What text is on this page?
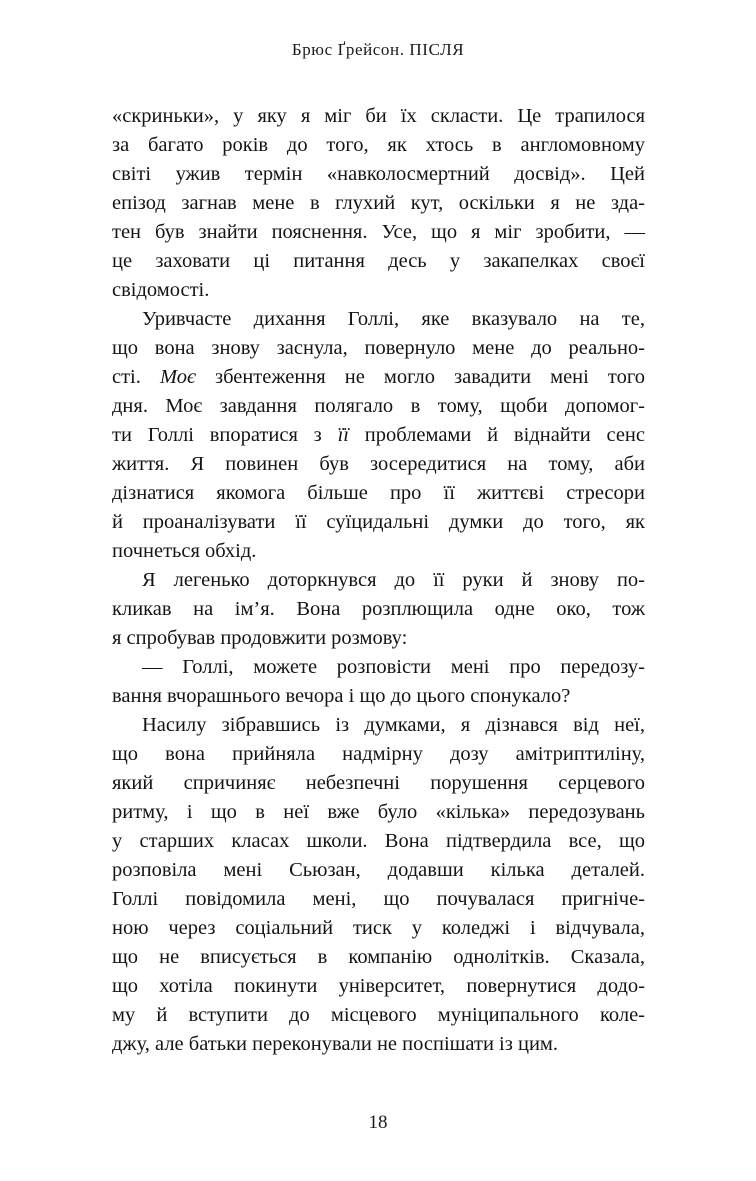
Брюс Ґрейсон. ПІСЛЯ
«скриньки», у яку я міг би їх скласти. Це трапилося
за багато років до того, як хтось в англомовному
світі ужив термін «навколосмертний досвід». Цей
епізод загнав мене в глухий кут, оскільки я не зда-
тен був знайти пояснення. Усе, що я міг зробити, —
це заховати ці питання десь у закапелках своєї
свідомості.
Уривчасте дихання Голлі, яке вказувало на те,
що вона знову заснула, повернуло мене до реально-
сті. Моє збентеження не могло завадити мені того
дня. Моє завдання полягало в тому, щоби допомог-
ти Голлі впоратися з її проблемами й віднайти сенс
життя. Я повинен був зосередитися на тому, аби
дізнатися якомога більше про її життєві стресори
й проаналізувати її суїцидальні думки до того, як
почнеться обхід.
Я легенько доторкнувся до її руки й знову по-
кликав на ім’я. Вона розплющила одне око, тож
я спробував продовжити розмову:
— Голлі, можете розповісти мені про передозу-
вання вчорашнього вечора і що до цього спонукало?
Насилу зібравшись із думками, я дізнався від неї,
що вона прийняла надмірну дозу амітриптиліну,
який спричиняє небезпечні порушення серцевого
ритму, і що в неї вже було «кілька» передозувань
у старших класах школи. Вона підтвердила все, що
розповіла мені Сьюзан, додавши кілька деталей.
Голлі повідомила мені, що почувалася пригніче-
ною через соціальний тиск у коледжі і відчувала,
що не вписується в компанію однолітків. Сказала,
що хотіла покинути університет, повернутися додо-
му й вступити до місцевого муніципального коле-
джу, але батьки переконували не поспішати із цим.
18
